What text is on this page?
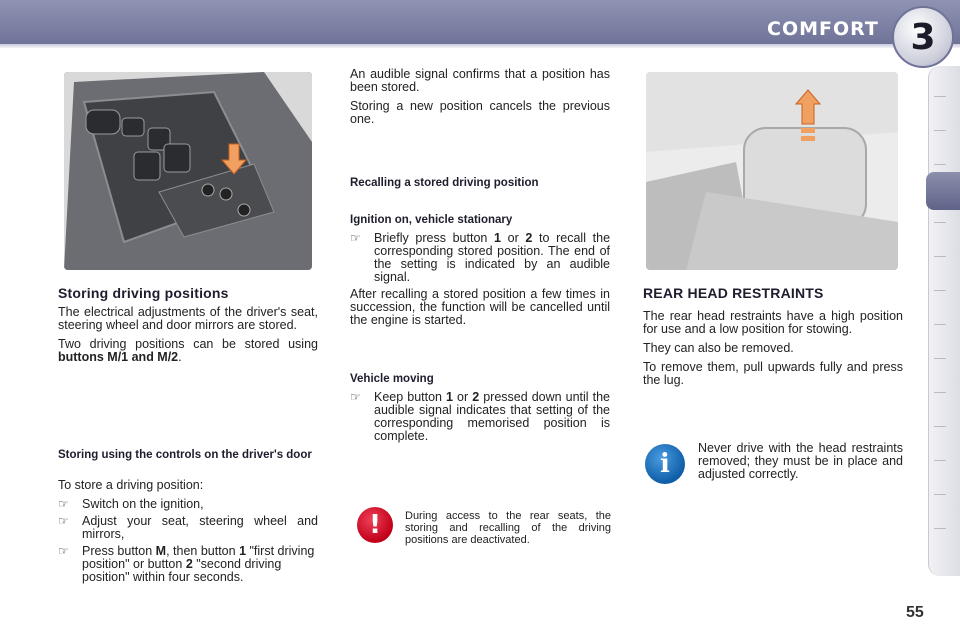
COMFORT 3
Storing driving positions

The electrical adjustments of the driver's seat, steering wheel and door mirrors are stored.

Two driving positions can be stored using buttons M/1 and M/2.

Storing using the controls on the driver's door

To store a driving position:

☞	Switch on the ignition,
☞	Adjust your seat, steering wheel and mirrors,
☞	Press button M, then button 1 "first driving position" or button 2 "second driving position" within four seconds.

An audible signal confirms that a position has been stored.

Storing a new position cancels the previous one.

Recalling a stored driving position
Ignition on, vehicle stationary
☞	Briefly press button 1 or 2 to recall the corresponding stored position. The end of the setting is indicated by an audible signal.

After recalling a stored position a few times in succession, the function will be cancelled until the engine is started.

Vehicle moving
☞	Keep button 1 or 2 pressed down until the audible signal indicates that setting of the corresponding memorised position is complete.
!	During access to the rear seats, the storing and recalling of the driving positions are deactivated.
REAR HEAD RESTRAINTS

The rear head restraints have a high position for use and a low position for stowing.

They can also be removed.

To remove them, pull upwards fully and press the lug.

i
Never drive with the head restraints removed; they must be in place and adjusted correctly.
55
